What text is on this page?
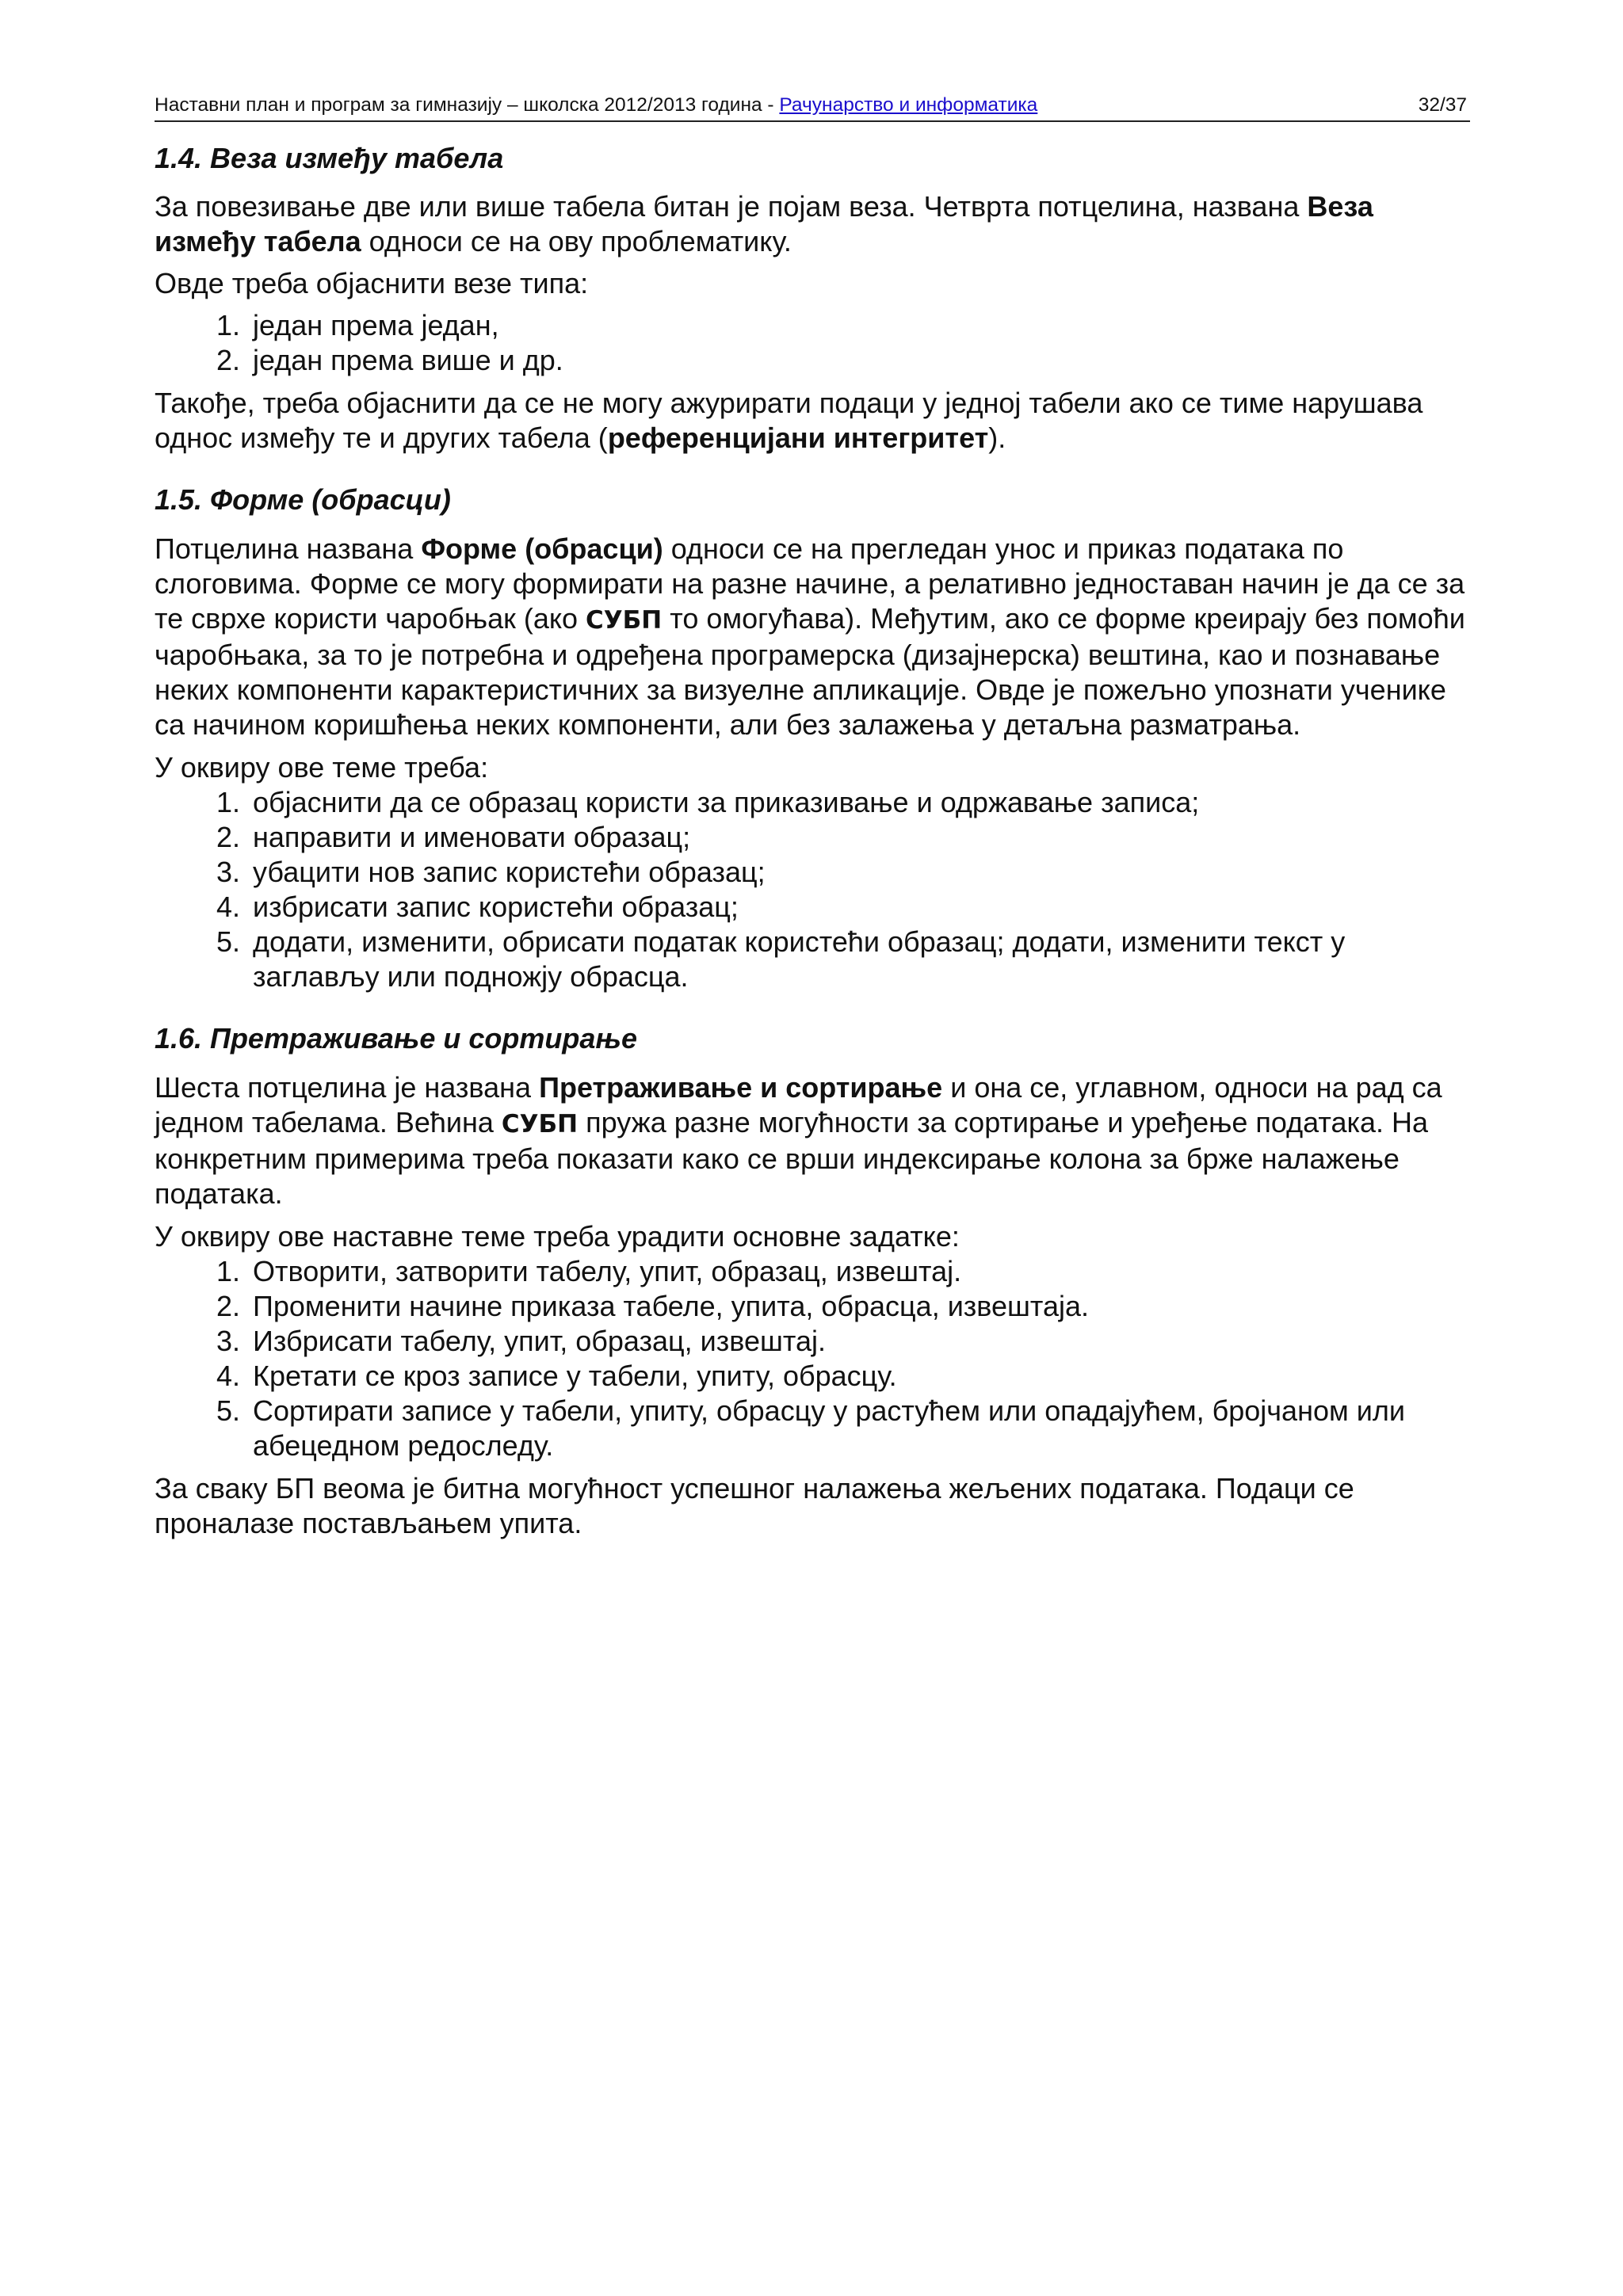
Наставни план и програм за гимназију – школска 2012/2013 година - Рачунарство и информатика	32/37
1.4. Веза између табела

За повезивање две или више табела битан је појам веза. Четврта потцелина, названа Веза између табела односи се на ову проблематику.

Овде треба објаснити везе типа:

1. један према један,
2. један према више и др.

Такође, треба објаснити да се не могу ажурирати подаци у једној табели ако се тиме нарушава однос између те и других табела (референцијани интегритет).

1.5. Форме (обрасци)

Потцелина названа Форме (обрасци) односи се на прегледан унос и приказ података по слоговима. Форме се могу формирати на разне начине, а релативно једноставан начин је да се за те сврхе користи чаробњак (ако СУБП то омогућава). Међутим, ако се форме креирају без помоћи чаробњака, за то је потребна и одређена програмерска (дизајнерска) вештина, као и познавање неких компоненти карактеристичних за визуелне апликације. Овде је пожељно упознати ученике са начином коришћења неких компоненти, али без залажења у детаљна разматрања.

У оквиру ове теме треба:

1. објаснити да се образац користи за приказивање и одржавање записа;
2. направити и именовати образац;
3. убацити нов запис користећи образац;
4. избрисати запис користећи образац;
5. додати, изменити, обрисати податак користећи образац; додати, изменити текст у заглављу или подножју обрасца.
1.6. Претраживање и сортирање

Шеста потцелина је названа Претраживање и сортирање и она се, углавном, односи на рад са једном табелама. Већина СУБП пружа разне могућности за сортирање и уређење података. На конкретним примерима треба показати како се врши индексирање колона за брже налажење података.

У оквиру ове наставне теме треба урадити основне задатке:

1. Отворити, затворити табелу, упит, образац, извештај.
2. Променити начине приказа табеле, упита, обрасца, извештаја.
3. Избрисати табелу, упит, образац, извештај.
4. Кретати се кроз записе у табели, упиту, обрасцу.
5. Сортирати записе у табели, упиту, обрасцу у растућем или опадајућем, бројчаном или абецедном редоследу.

За сваку БП веома је битна могућност успешног налажења жељених података. Подаци се проналазе постављањем упита.
